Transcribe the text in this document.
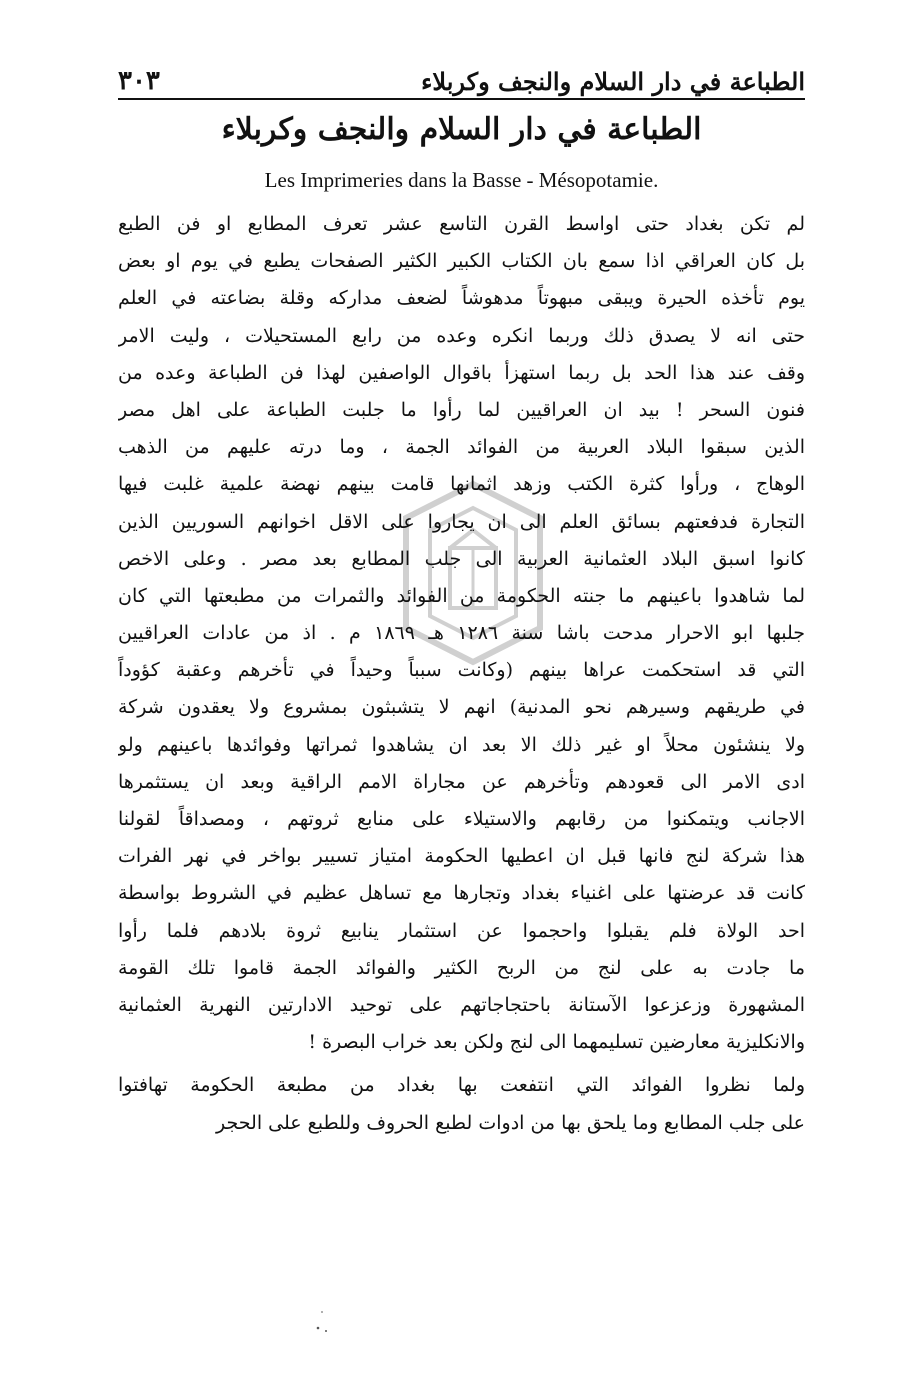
الطباعة في دار السلام والنجف وكربلاء
٣٠٣
الطباعة في دار السلام والنجف وكربلاء
Les Imprimeries dans la Basse - Mésopotamie.
لم تكن بغداد حتى اواسط القرن التاسع عشر تعرف المطابع او فن الطبع
بل كان العراقي اذا سمع بان الكتاب الكبير الكثير الصفحات يطبع في يوم او بعض
يوم تأخذه الحيرة ويبقى مبهوتاً مدهوشاً لضعف مداركه وقلة بضاعته في العلم
حتى انه لا يصدق ذلك وربما انكره وعده من رابع المستحيلات ، وليت الامر
وقف عند هذا الحد بل ربما استهزأ باقوال الواصفين لهذا فن الطباعة وعده من
فنون السحر ! بيد ان العراقيين لما رأوا ما جلبت الطباعة على اهل مصر
الذين سبقوا البلاد العربية من الفوائد الجمة ، وما درته عليهم من الذهب
الوهاج ، ورأوا كثرة الكتب وزهد اثمانها قامت بينهم نهضة علمية غلبت فيها
التجارة فدفعتهم بسائق العلم الى ان يجاروا على الاقل اخوانهم السوريين الذين
كانوا اسبق البلاد العثمانية العربية الى جلب المطابع بعد مصر . وعلى الاخص
لما شاهدوا باعينهم ما جنته الحكومة من الفوائد والثمرات من مطبعتها التي كان
جلبها ابو الاحرار مدحت باشا سنة ١٢٨٦ هـ ١٨٦٩ م . اذ من عادات العراقيين
التي قد استحكمت عراها بينهم (وكانت سبباً وحيداً في تأخرهم وعقبة كؤوداً
في طريقهم وسيرهم نحو المدنية) انهم لا يتشبثون بمشروع ولا يعقدون شركة
ولا ينشئون محلاً او غير ذلك الا بعد ان يشاهدوا ثمراتها وفوائدها باعينهم ولو
ادى الامر الى قعودهم وتأخرهم عن مجاراة الامم الراقية وبعد ان يستثمرها
الاجانب ويتمكنوا من رقابهم والاستيلاء على منابع ثروتهم ، ومصداقاً لقولنا
هذا شركة لنج فانها قبل ان اعطيها الحكومة امتياز تسيير بواخر في نهر الفرات
كانت قد عرضتها على اغنياء بغداد وتجارها مع تساهل عظيم في الشروط بواسطة
احد الولاة فلم يقبلوا واحجموا عن استثمار ينابيع ثروة بلادهم فلما رأوا
ما جادت به على لنج من الربح الكثير والفوائد الجمة قاموا تلك القومة
المشهورة وزعزعوا الآستانة باحتجاجاتهم على توحيد الادارتين النهرية العثمانية
والانكليزية معارضين تسليمهما الى لنج ولكن بعد خراب البصرة !
ولما نظروا الفوائد التي انتفعت بها بغداد من مطبعة الحكومة تهافتوا
على جلب المطابع وما يلحق بها من ادوات لطبع الحروف وللطبع على الحجر
